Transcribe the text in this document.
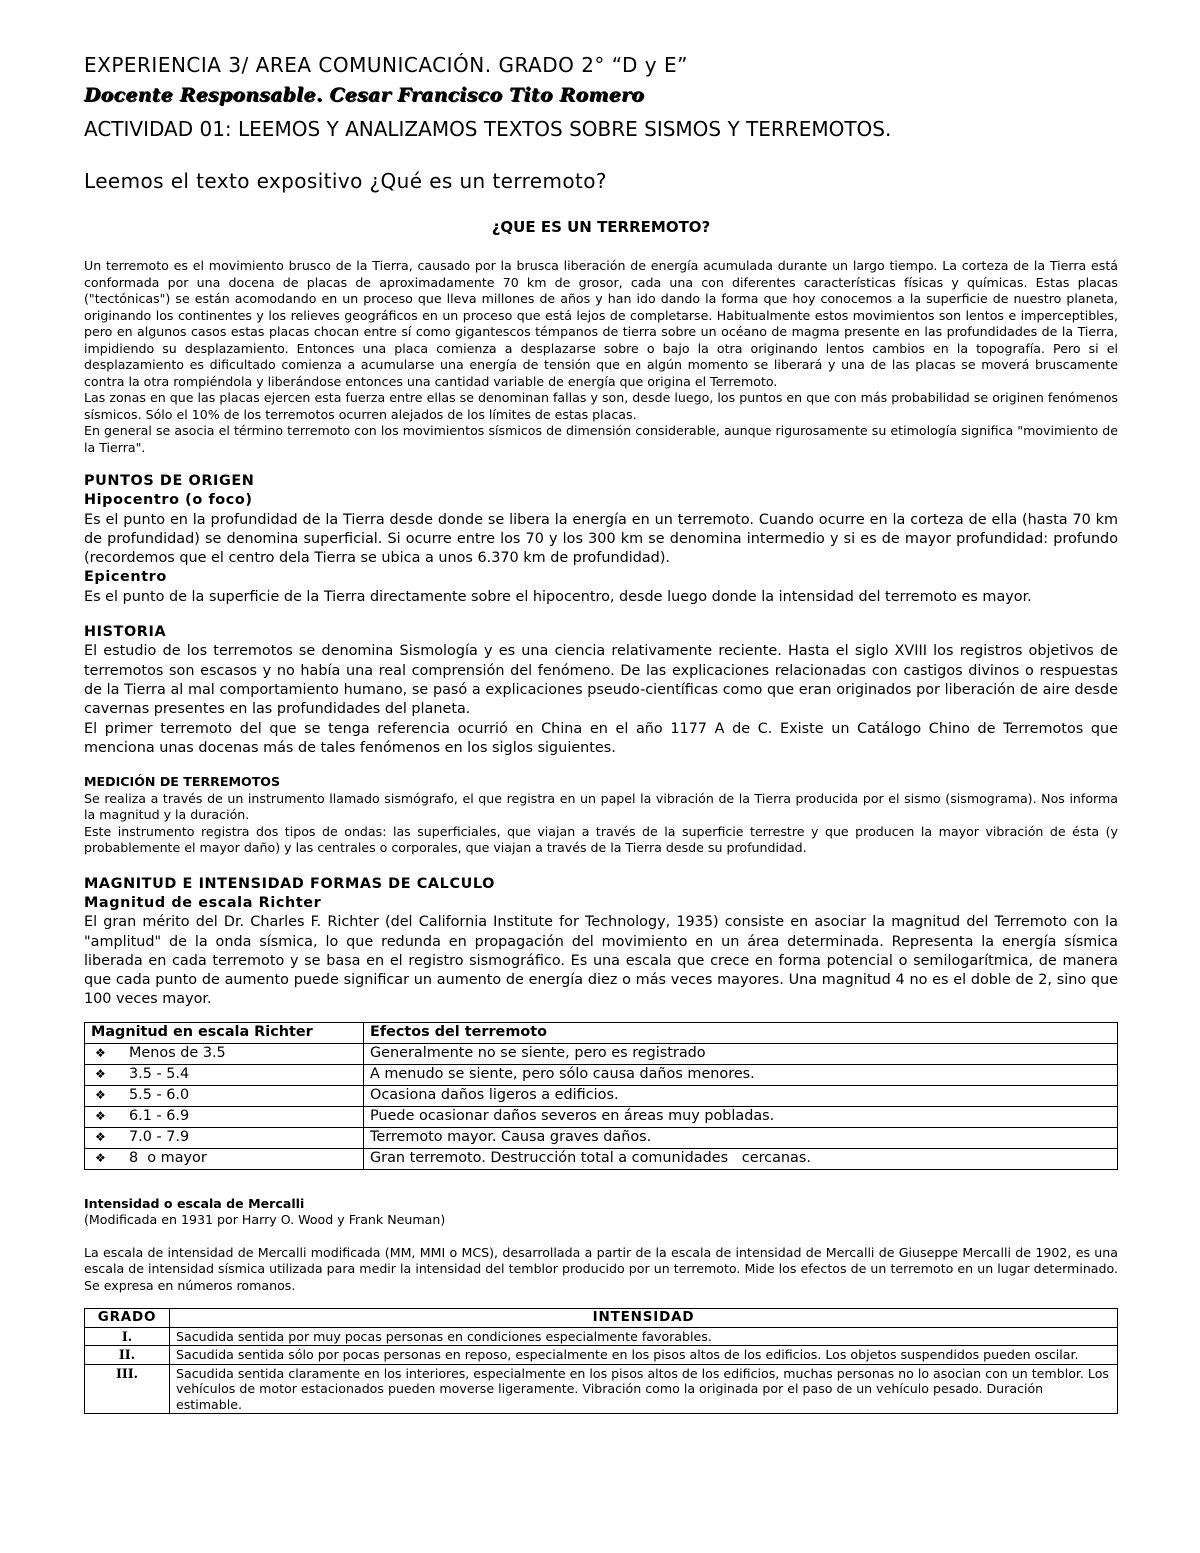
EXPERIENCIA 3/ AREA COMUNICACIÓN. GRADO 2° “D y E”
Docente Responsable. Cesar Francisco Tito Romero
ACTIVIDAD 01: LEEMOS Y ANALIZAMOS TEXTOS SOBRE SISMOS Y TERREMOTOS.
Leemos el texto expositivo ¿Qué es un terremoto?
¿QUE ES UN TERREMOTO?

Un terremoto es el movimiento brusco de la Tierra, causado por la brusca liberación de energía acumulada durante un largo tiempo. La corteza de la Tierra está conformada por una docena de placas de aproximadamente 70 km de grosor, cada una con diferentes características físicas y químicas. Estas placas ("tectónicas") se están acomodando en un proceso que lleva millones de años y han ido dando la forma que hoy conocemos a la superficie de nuestro planeta, originando los continentes y los relieves geográficos en un proceso que está lejos de completarse. Habitualmente estos movimientos son lentos e imperceptibles, pero en algunos casos estas placas chocan entre sí como gigantescos témpanos de tierra sobre un océano de magma presente en las profundidades de la Tierra, impidiendo su desplazamiento. Entonces una placa comienza a desplazarse sobre o bajo la otra originando lentos cambios en la topografía. Pero si el desplazamiento es dificultado comienza a acumularse una energía de tensión que en algún momento se liberará y una de las placas se moverá bruscamente contra la otra rompiéndola y liberándose entonces una cantidad variable de energía que origina el Terremoto.

Las zonas en que las placas ejercen esta fuerza entre ellas se denominan fallas y son, desde luego, los puntos en que con más probabilidad se originen fenómenos sísmicos. Sólo el 10% de los terremotos ocurren alejados de los límites de estas placas.

En general se asocia el término terremoto con los movimientos sísmicos de dimensión considerable, aunque rigurosamente su etimología significa "movimiento de la Tierra".

PUNTOS DE ORIGEN
Hipocentro (o foco)

Es el punto en la profundidad de la Tierra desde donde se libera la energía en un terremoto. Cuando ocurre en la corteza de ella (hasta 70 km de profundidad) se denomina superficial. Si ocurre entre los 70 y los 300 km se denomina intermedio y si es de mayor profundidad: profundo (recordemos que el centro dela Tierra se ubica a unos 6.370 km de profundidad).

Epicentro

Es el punto de la superficie de la Tierra directamente sobre el hipocentro, desde luego donde la intensidad del terremoto es mayor.

HISTORIA

El estudio de los terremotos se denomina Sismología y es una ciencia relativamente reciente. Hasta el siglo XVIII los registros objetivos de terremotos son escasos y no había una real comprensión del fenómeno. De las explicaciones relacionadas con castigos divinos o respuestas de la Tierra al mal comportamiento humano, se pasó a explicaciones pseudo-científicas como que eran originados por liberación de aire desde cavernas presentes en las profundidades del planeta.

El primer terremoto del que se tenga referencia ocurrió en China en el año 1177 A de C. Existe un Catálogo Chino de Terremotos que menciona unas docenas más de tales fenómenos en los siglos siguientes.

MEDICIÓN DE TERREMOTOS

Se realiza a través de un instrumento llamado sismógrafo, el que registra en un papel la vibración de la Tierra producida por el sismo (sismograma). Nos informa la magnitud y la duración.

Este instrumento registra dos tipos de ondas: las superficiales, que viajan a través de la superficie terrestre y que producen la mayor vibración de ésta (y probablemente el mayor daño) y las centrales o corporales, que viajan a través de la Tierra desde su profundidad.

MAGNITUD E INTENSIDAD FORMAS DE CALCULO
Magnitud de escala Richter

El gran mérito del Dr. Charles F. Richter (del California Institute for Technology, 1935) consiste en asociar la magnitud del Terremoto con la "amplitud" de la onda sísmica, lo que redunda en propagación del movimiento en un área determinada. Representa la energía sísmica liberada en cada terremoto y se basa en el registro sismográfico. Es una escala que crece en forma potencial o semilogarítmica, de manera que cada punto de aumento puede significar un aumento de energía diez o más veces mayores. Una magnitud 4 no es el doble de 2, sino que 100 veces mayor.

Magnitud en escala Richter	Efectos del terremoto
❖ Menos de 3.5	Generalmente no se siente, pero es registrado
❖ 3.5 - 5.4	A menudo se siente, pero sólo causa daños menores.
❖ 5.5 - 6.0	Ocasiona daños ligeros a edificios.
❖ 6.1 - 6.9	Puede ocasionar daños severos en áreas muy pobladas.
❖ 7.0 - 7.9	Terremoto mayor. Causa graves daños.
❖ 8  o mayor	Gran terremoto. Destrucción total a comunidades   cercanas.
Intensidad o escala de Mercalli

(Modificada en 1931 por Harry O. Wood y Frank Neuman)

La escala de intensidad de Mercalli modificada (MM, MMI o MCS), desarrollada a partir de la escala de intensidad de Mercalli de Giuseppe Mercalli de 1902, es una escala de intensidad sísmica utilizada para medir la intensidad del temblor producido por un terremoto. Mide los efectos de un terremoto en un lugar determinado. Se expresa en números romanos.

GRADO	INTENSIDAD
I.	Sacudida sentida por muy pocas personas en condiciones especialmente favorables.
II.	Sacudida sentida sólo por pocas personas en reposo, especialmente en los pisos altos de los edificios. Los objetos suspendidos pueden oscilar.
III.	Sacudida sentida claramente en los interiores, especialmente en los pisos altos de los edificios, muchas personas no lo asocian con un temblor. Los vehículos de motor estacionados pueden moverse ligeramente. Vibración como la originada por el paso de un vehículo pesado. Duración estimable.
